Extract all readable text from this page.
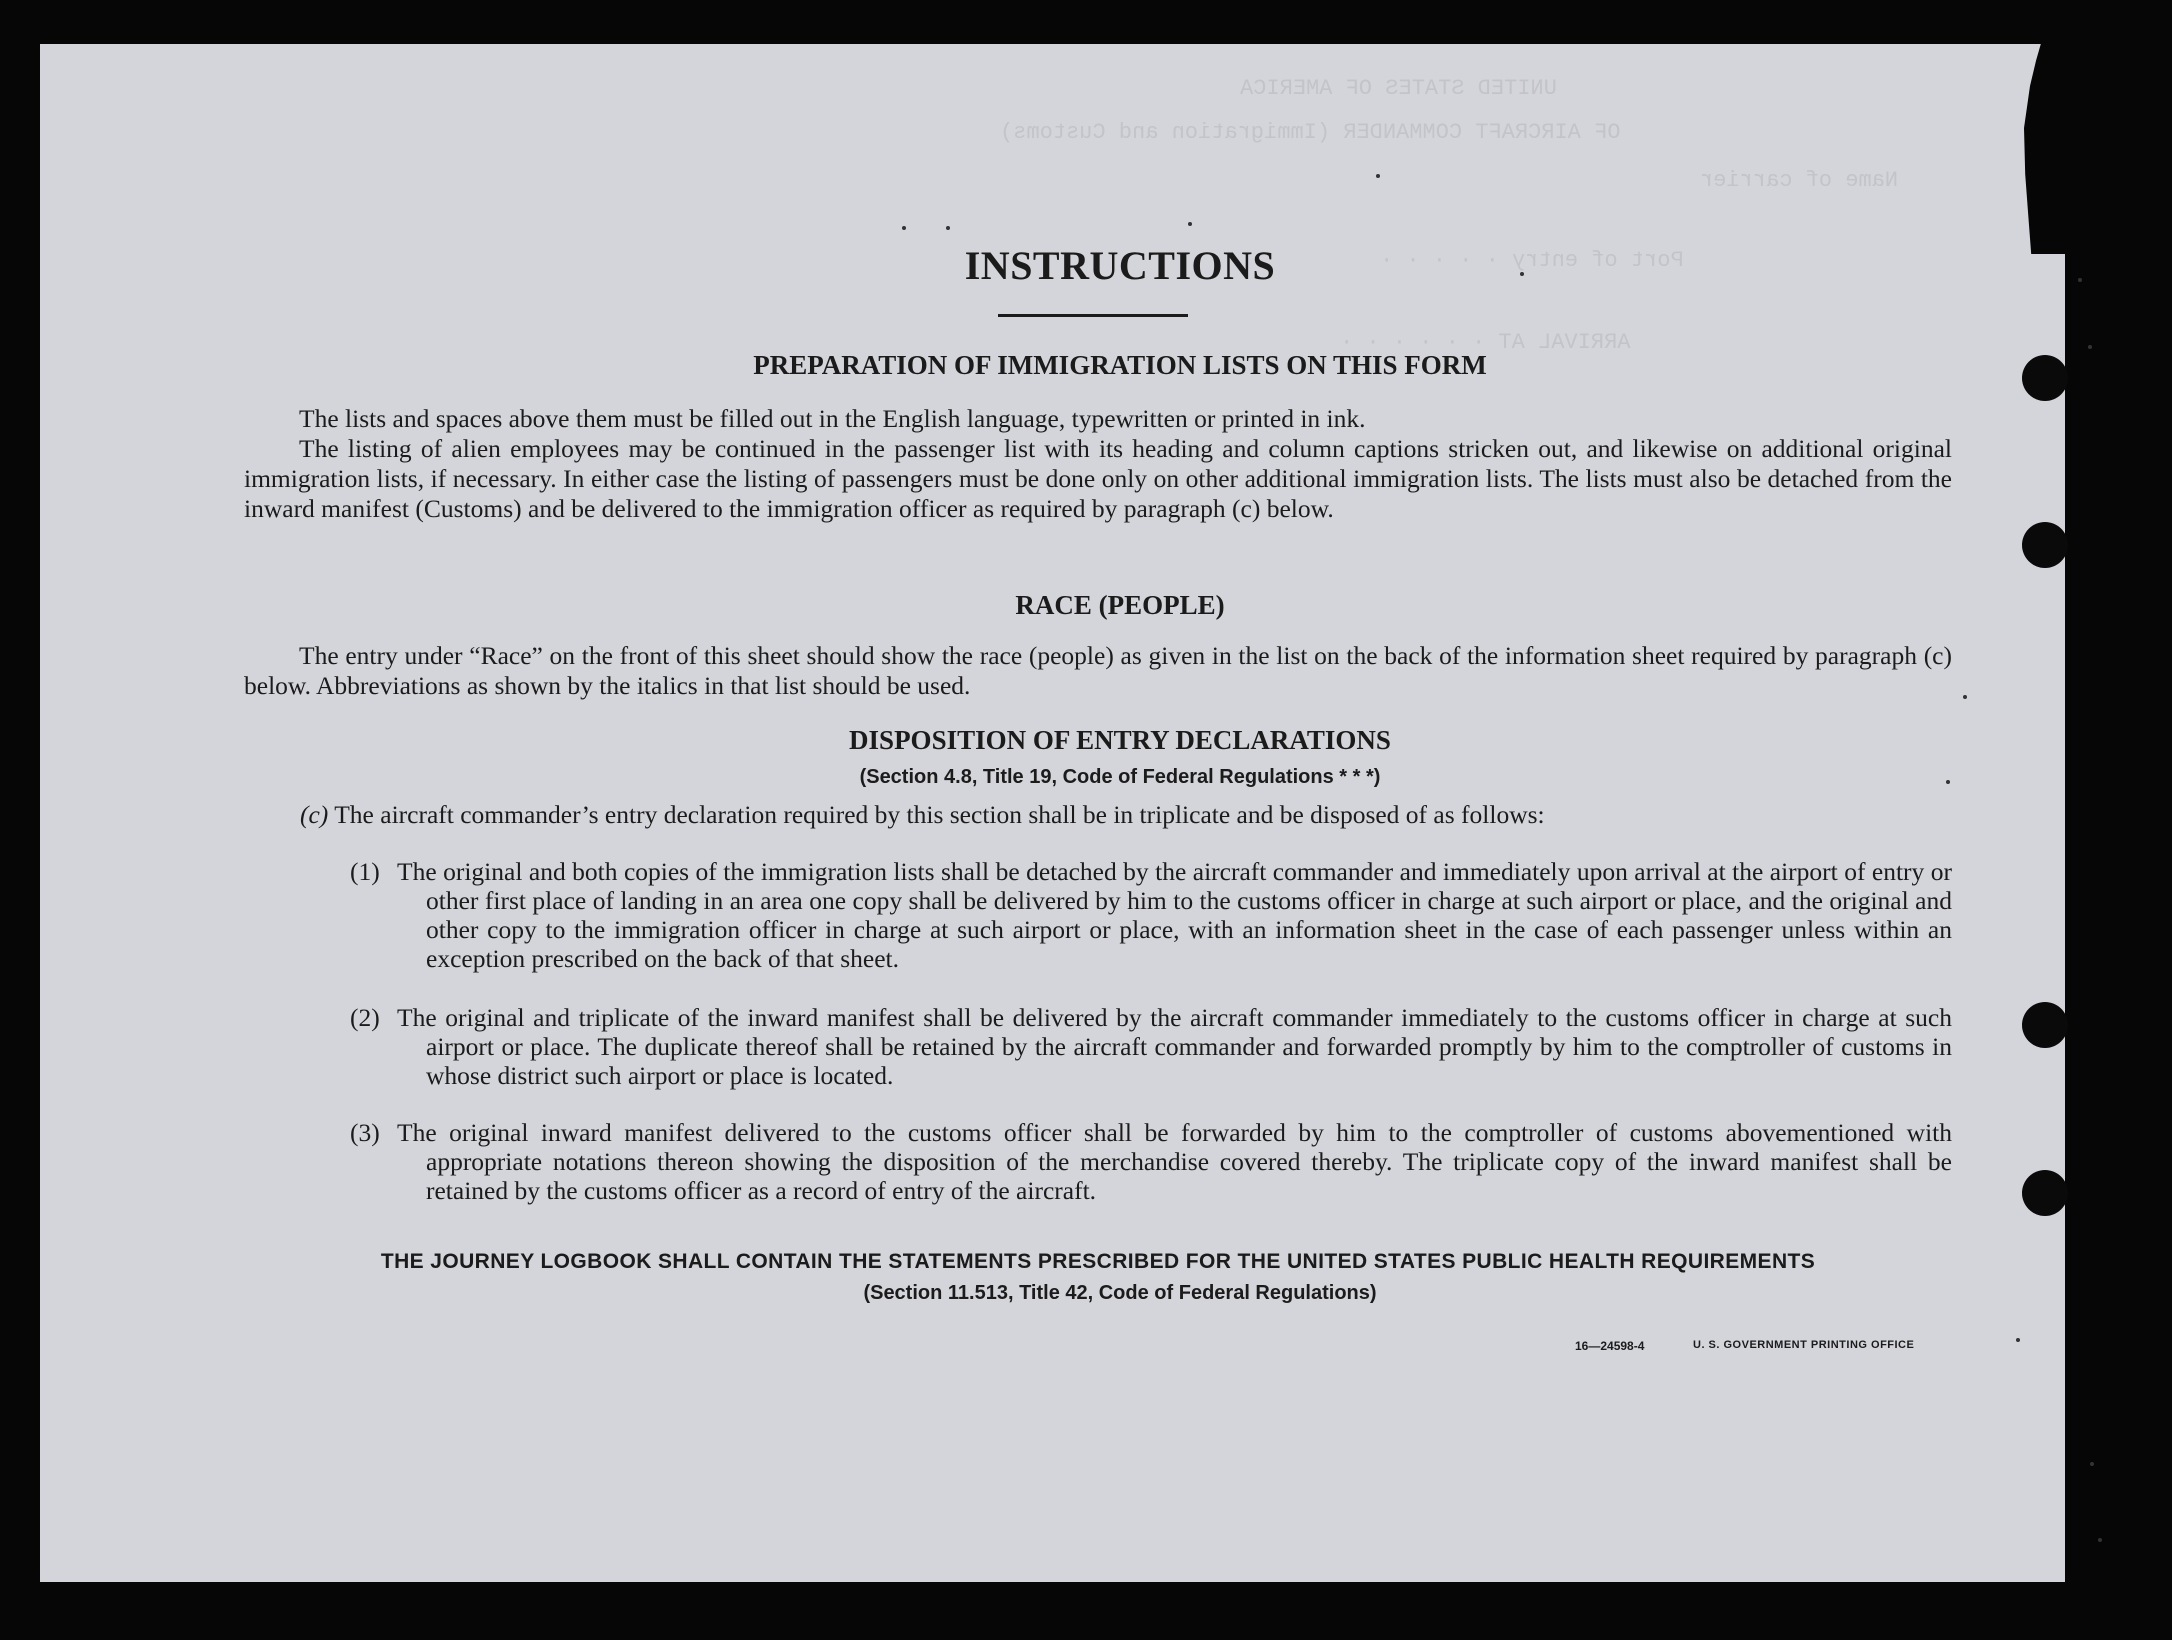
UNITED STATES OF AMERICA
OF AIRCRAFT COMMANDER (Immigration and Customs)
Name of carrier
Port of entry · · · · ·
ARRIVAL AT · · · · · ·
INSTRUCTIONS
PREPARATION OF IMMIGRATION LISTS ON THIS FORM

The lists and spaces above them must be filled out in the English language, typewritten or printed in ink.

The listing of alien employees may be continued in the passenger list with its heading and column captions stricken out, and likewise on additional original immigration lists, if necessary. In either case the listing of passengers must be done only on other additional immigration lists. The lists must also be detached from the inward manifest (Customs) and be delivered to the immigration officer as required by paragraph (c) below.

RACE (PEOPLE)

The entry under “Race” on the front of this sheet should show the race (people) as given in the list on the back of the information sheet required by paragraph (c) below. Abbreviations as shown by the italics in that list should be used.

DISPOSITION OF ENTRY DECLARATIONS
(Section 4.8, Title 19, Code of Federal Regulations * * *)
(c) The aircraft commander’s entry declaration required by this section shall be in triplicate and be disposed of as follows:
(1) The original and both copies of the immigration lists shall be detached by the aircraft commander and immediately upon arrival at the airport of entry or other first place of landing in an area one copy shall be delivered by him to the customs officer in charge at such airport or place, and the original and other copy to the immigration officer in charge at such airport or place, with an information sheet in the case of each passenger unless within an exception prescribed on the back of that sheet.
(2) The original and triplicate of the inward manifest shall be delivered by the aircraft commander immediately to the customs officer in charge at such airport or place. The duplicate thereof shall be retained by the aircraft commander and forwarded promptly by him to the comptroller of customs in whose district such airport or place is located.
(3) The original inward manifest delivered to the customs officer shall be forwarded by him to the comptroller of customs abovementioned with appropriate notations thereon showing the disposition of the merchandise covered thereby. The triplicate copy of the inward manifest shall be retained by the customs officer as a record of entry of the aircraft.
THE JOURNEY LOGBOOK SHALL CONTAIN THE STATEMENTS PRESCRIBED FOR THE UNITED STATES PUBLIC HEALTH REQUIREMENTS
(Section 11.513, Title 42, Code of Federal Regulations)
16—24598-4	U. S. GOVERNMENT PRINTING OFFICE
